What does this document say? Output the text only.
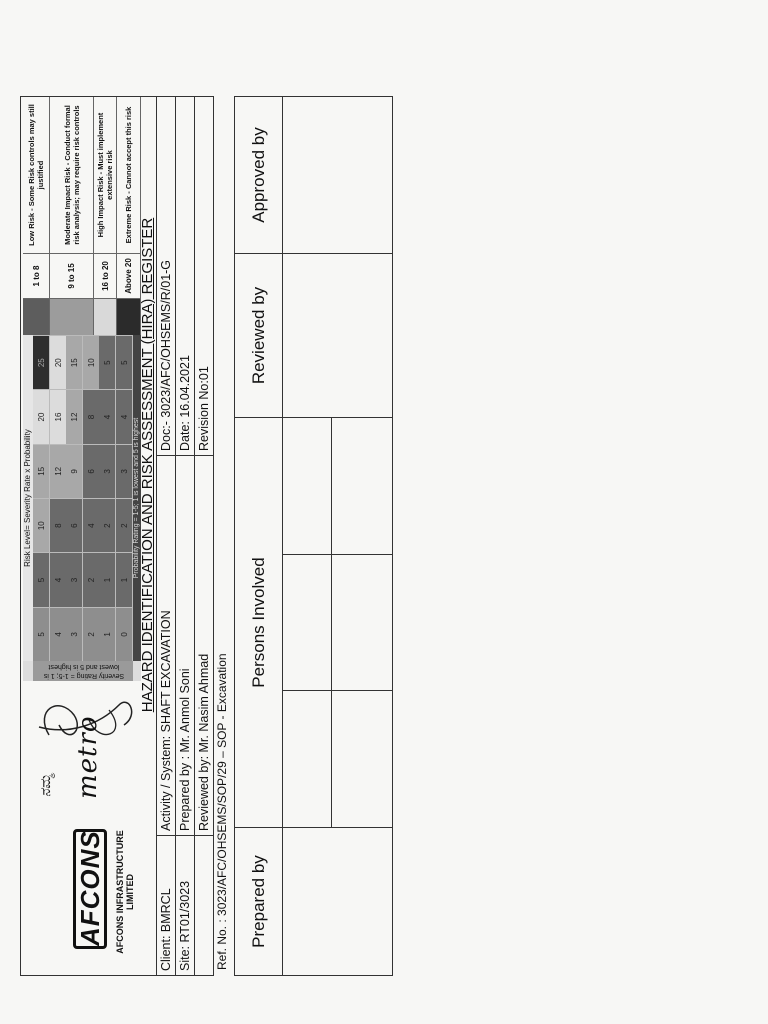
AFCONS AFCONS INFRASTRUCTURE LIMITED
ನಮ್ಮ metro
Risk Level= Severity Rate x Probability
Severity Rating = 1-5; 1 is lowest and 5 is highest
5
5
10
15
20
25
4
4
8
12
16
20
3
3
6
9
12
15
2
2
4
6
8
10
1
1
2
3
4
5
0
1
2
3
4
5
Probability Rating = 1-5; 1 is lowest and 5 is highest
1 to 8
Low Risk - Some Risk controls may still justified
9 to 15
Moderate Impact Risk - Conduct formal risk analysis; may require risk controls
16 to 20
High Impact Risk - Must implement extensive risk
Above 20
Extreme Risk - Cannot accept this risk
HAZARD IDENTIFICATION AND RISK ASSESSMENT (HIRA) REGISTER
Client: BMRCL
Activity / System: SHAFT EXCAVATION
Doc:- 3023/AFC/OHSEMS/R/01-G
Site: RT01/3023
Prepared by : Mr. Anmol Soni
Date: 16.04.2021
Reviewed by: Mr. Nasim Ahmad
Revision No:01
Ref. No. : 3023/AFC/OHSEMS/SOP/29 – SOP - Excavation	Prepared by
Persons Involved
Reviewed by
Approved by
